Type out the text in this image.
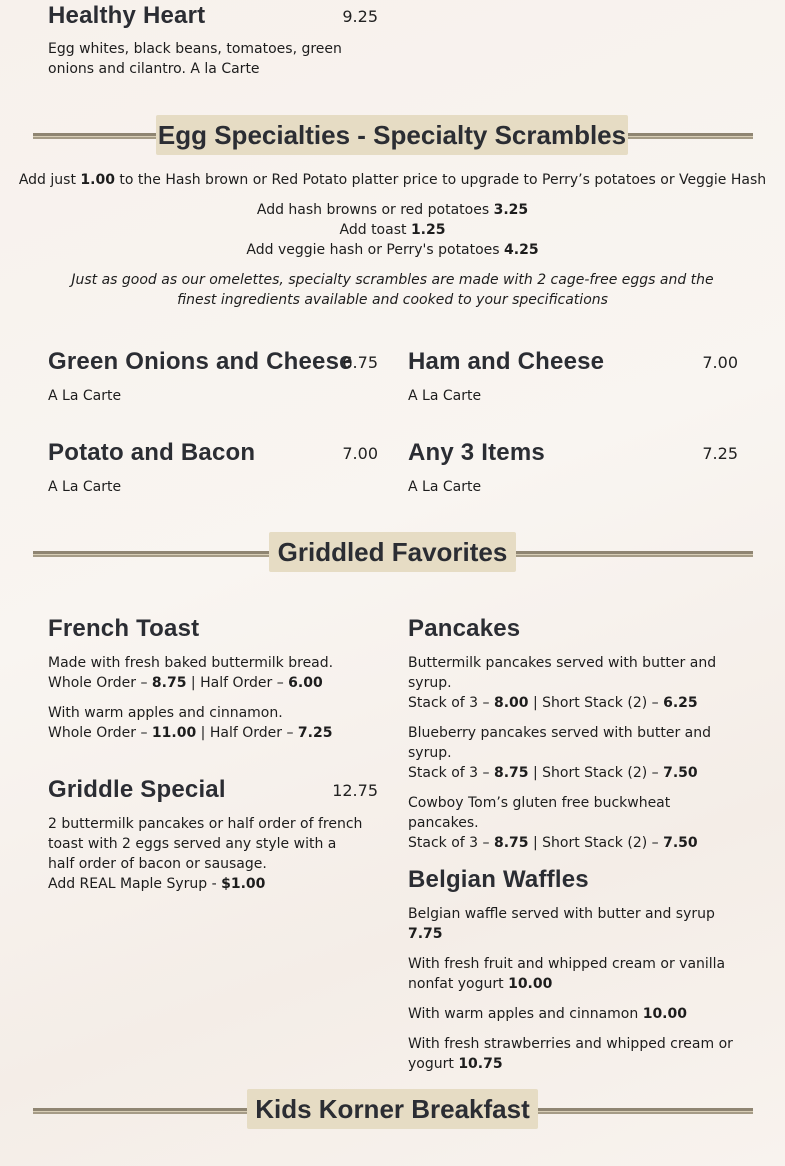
Healthy Heart	9.25
Egg whites, black beans, tomatoes, green onions and cilantro. A la Carte
Egg Specialties - Specialty Scrambles
Add just 1.00 to the Hash brown or Red Potato platter price to upgrade to Perry’s potatoes or Veggie Hash
Add hash browns or red potatoes 3.25
Add toast 1.25
Add veggie hash or Perry's potatoes 4.25
Just as good as our omelettes, specialty scrambles are made with 2 cage-free eggs and the finest ingredients available and cooked to your specifications
Green Onions and Cheese
6.75
A La Carte
Ham and Cheese	7.00
A La Carte
Potato and Bacon	7.00
A La Carte
Any 3 Items	7.25
A La Carte
Griddled Favorites
French Toast

Made with fresh baked buttermilk bread.
Whole Order – 8.75 | Half Order – 6.00

With warm apples and cinnamon.
Whole Order – 11.00 | Half Order – 7.25

Griddle Special	12.75
2 buttermilk pancakes or half order of french toast with 2 eggs served any style with a half order of bacon or sausage.
Add REAL Maple Syrup - $1.00
Pancakes

Buttermilk pancakes served with butter and syrup.
Stack of 3 – 8.00 | Short Stack (2) – 6.25

Blueberry pancakes served with butter and syrup.
Stack of 3 – 8.75 | Short Stack (2) – 7.50

Cowboy Tom’s gluten free buckwheat pancakes.
Stack of 3 – 8.75 | Short Stack (2) – 7.50

Belgian Waffles

Belgian waffle served with butter and syrup 7.75

With fresh fruit and whipped cream or vanilla nonfat yogurt 10.00

With warm apples and cinnamon 10.00

With fresh strawberries and whipped cream or yogurt 10.75

Kids Korner Breakfast
